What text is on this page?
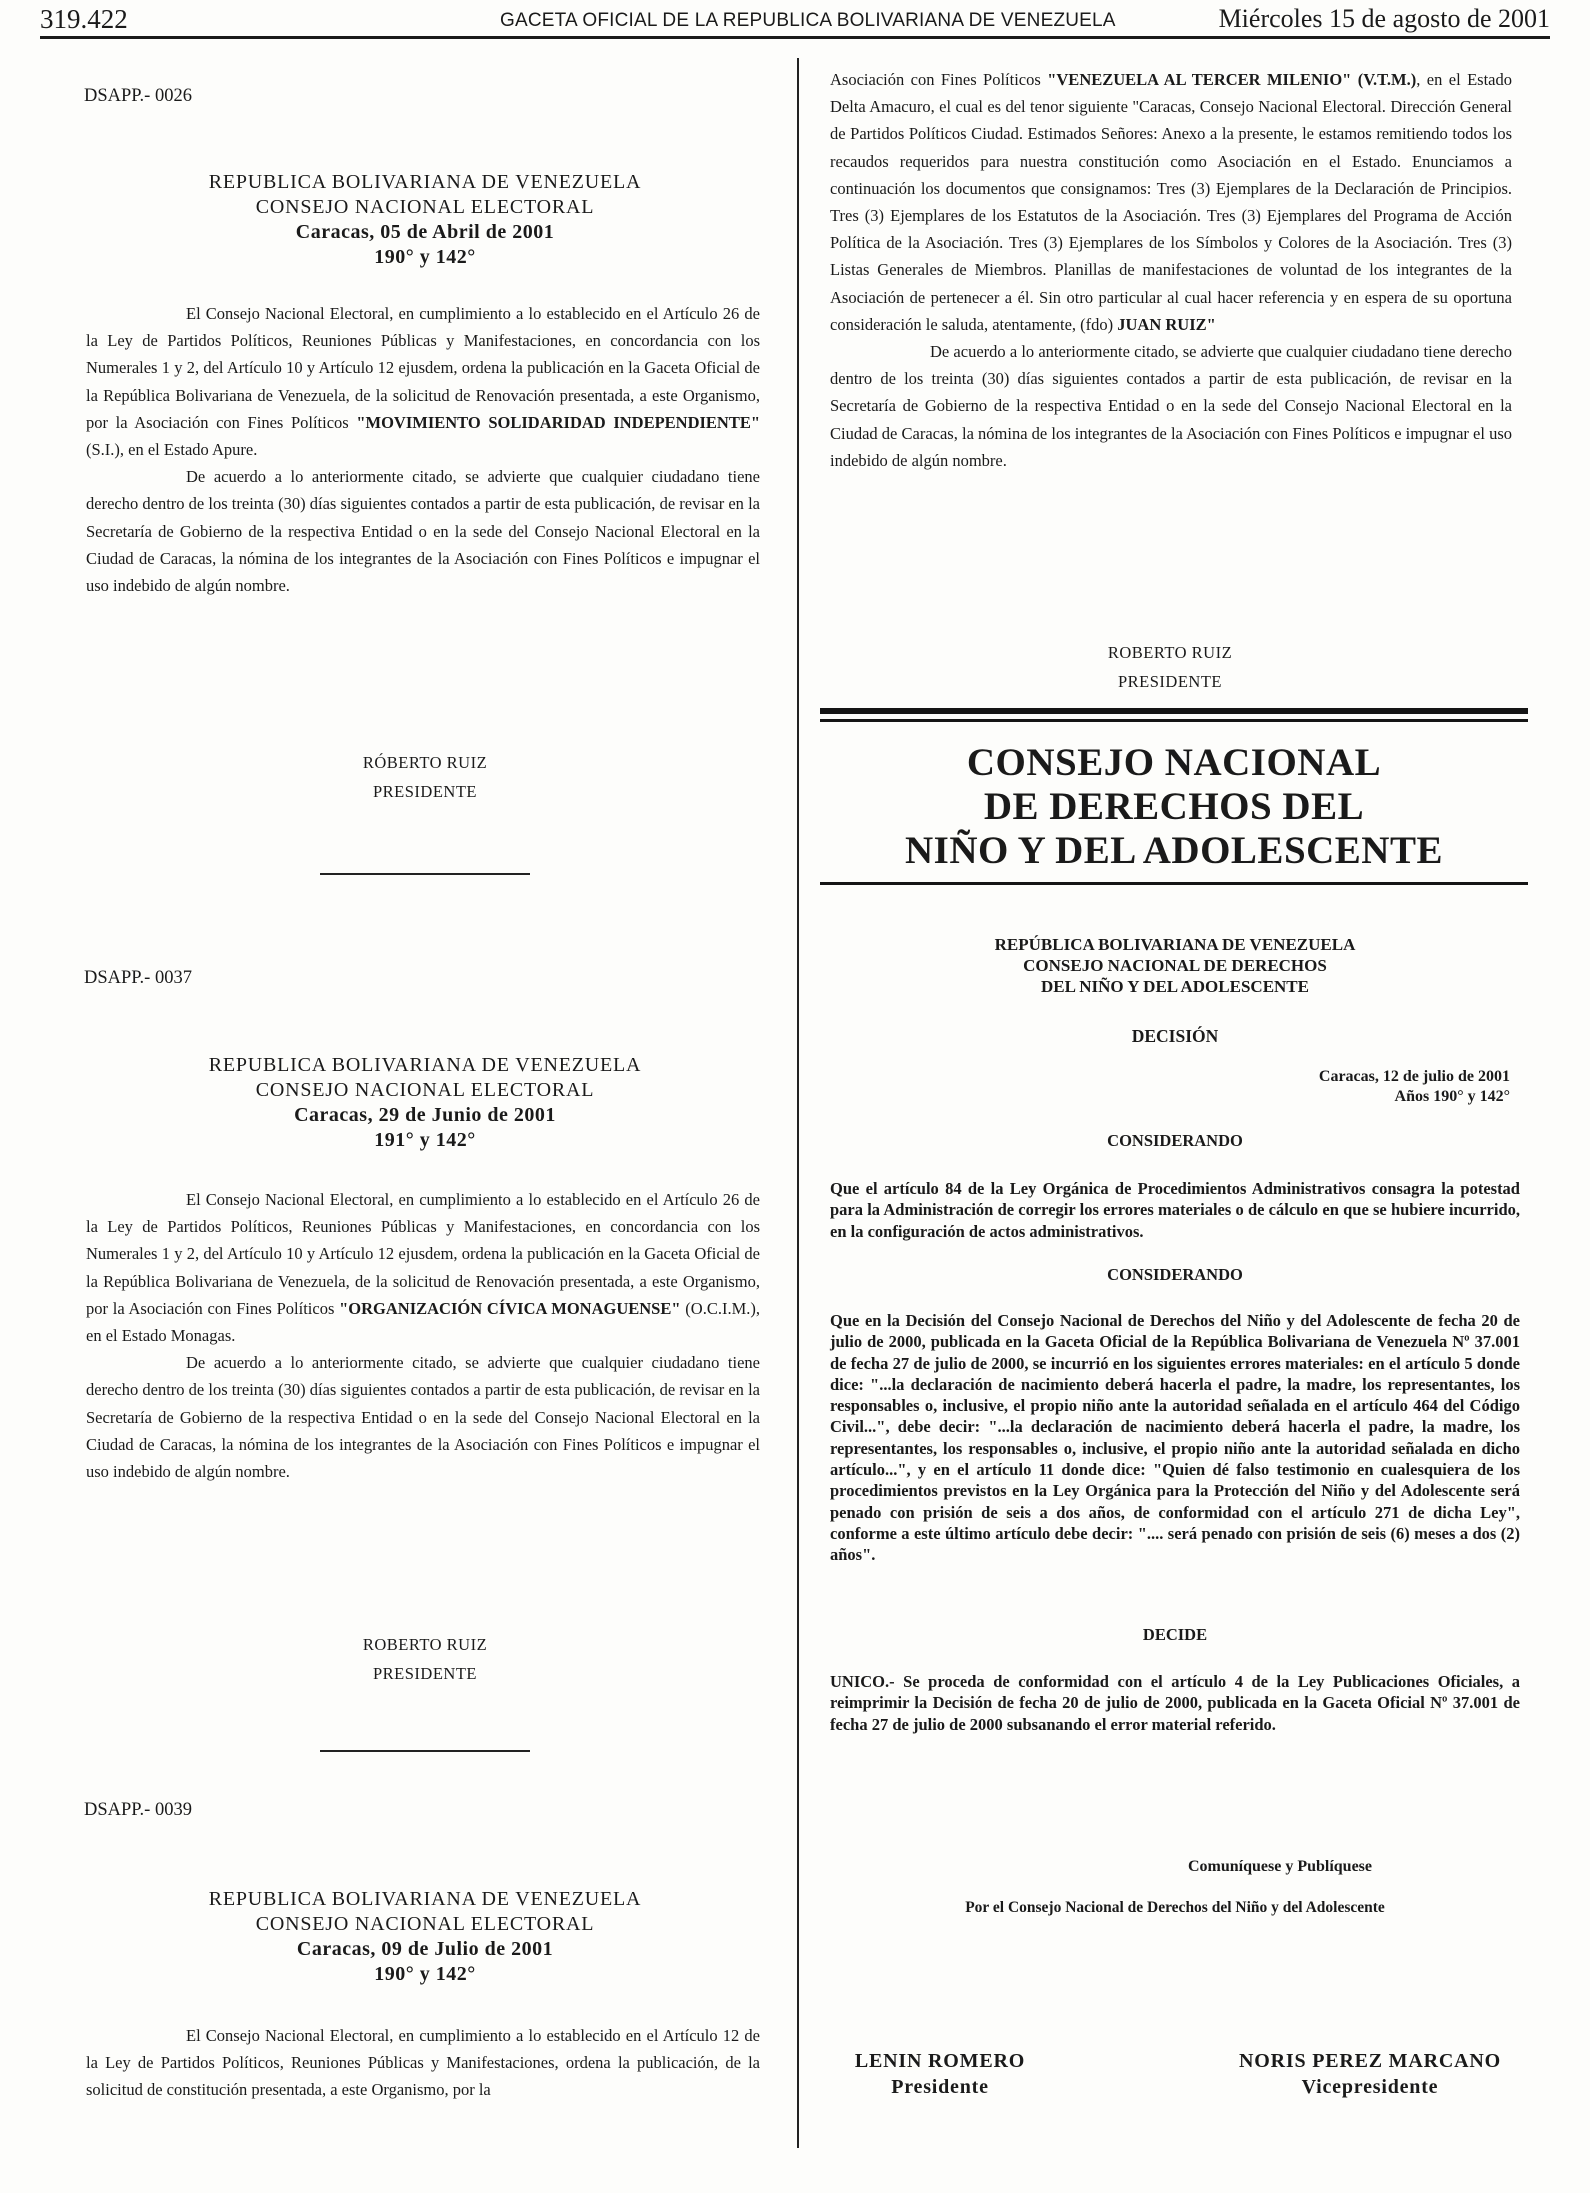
319.422	GACETA OFICIAL DE LA REPUBLICA BOLIVARIANA DE VENEZUELA	Miércoles 15 de agosto de 2001
DSAPP.- 0026
REPUBLICA BOLIVARIANA DE VENEZUELA
CONSEJO NACIONAL ELECTORAL
Caracas, 05 de Abril de 2001
190° y 142°

El Consejo Nacional Electoral, en cumplimiento a lo establecido en el Artículo 26 de la Ley de Partidos Políticos, Reuniones Públicas y Manifestaciones, en concordancia con los Numerales 1 y 2, del Artículo 10 y Artículo 12 ejusdem, ordena la publicación en la Gaceta Oficial de la República Bolivariana de Venezuela, de la solicitud de Renovación presentada, a este Organismo, por la Asociación con Fines Políticos "MOVIMIENTO SOLIDARIDAD INDEPENDIENTE" (S.I.), en el Estado Apure.

De acuerdo a lo anteriormente citado, se advierte que cualquier ciudadano tiene derecho dentro de los treinta (30) días siguientes contados a partir de esta publicación, de revisar en la Secretaría de Gobierno de la respectiva Entidad o en la sede del Consejo Nacional Electoral en la Ciudad de Caracas, la nómina de los integrantes de la Asociación con Fines Políticos e impugnar el uso indebido de algún nombre.

RÓBERTO RUIZ
PRESIDENTE
DSAPP.- 0037
REPUBLICA BOLIVARIANA DE VENEZUELA
CONSEJO NACIONAL ELECTORAL
Caracas, 29 de Junio de 2001
191° y 142°

El Consejo Nacional Electoral, en cumplimiento a lo establecido en el Artículo 26 de la Ley de Partidos Políticos, Reuniones Públicas y Manifestaciones, en concordancia con los Numerales 1 y 2, del Artículo 10 y Artículo 12 ejusdem, ordena la publicación en la Gaceta Oficial de la República Bolivariana de Venezuela, de la solicitud de Renovación presentada, a este Organismo, por la Asociación con Fines Políticos "ORGANIZACIÓN CÍVICA MONAGUENSE" (O.C.I.M.), en el Estado Monagas.

De acuerdo a lo anteriormente citado, se advierte que cualquier ciudadano tiene derecho dentro de los treinta (30) días siguientes contados a partir de esta publicación, de revisar en la Secretaría de Gobierno de la respectiva Entidad o en la sede del Consejo Nacional Electoral en la Ciudad de Caracas, la nómina de los integrantes de la Asociación con Fines Políticos e impugnar el uso indebido de algún nombre.

ROBERTO RUIZ
PRESIDENTE
DSAPP.- 0039
REPUBLICA BOLIVARIANA DE VENEZUELA
CONSEJO NACIONAL ELECTORAL
Caracas, 09 de Julio de 2001
190° y 142°

El Consejo Nacional Electoral, en cumplimiento a lo establecido en el Artículo 12 de la Ley de Partidos Políticos, Reuniones Públicas y Manifestaciones, ordena la publicación, de la solicitud de constitución presentada, a este Organismo, por la

Asociación con Fines Políticos "VENEZUELA AL TERCER MILENIO" (V.T.M.), en el Estado Delta Amacuro, el cual es del tenor siguiente "Caracas, Consejo Nacional Electoral. Dirección General de Partidos Políticos Ciudad. Estimados Señores: Anexo a la presente, le estamos remitiendo todos los recaudos requeridos para nuestra constitución como Asociación en el Estado. Enunciamos a continuación los documentos que consignamos: Tres (3) Ejemplares de la Declaración de Principios. Tres (3) Ejemplares de los Estatutos de la Asociación. Tres (3) Ejemplares del Programa de Acción Política de la Asociación. Tres (3) Ejemplares de los Símbolos y Colores de la Asociación. Tres (3) Listas Generales de Miembros. Planillas de manifestaciones de voluntad de los integrantes de la Asociación de pertenecer a él. Sin otro particular al cual hacer referencia y en espera de su oportuna consideración le saluda, atentamente, (fdo) JUAN RUIZ"

De acuerdo a lo anteriormente citado, se advierte que cualquier ciudadano tiene derecho dentro de los treinta (30) días siguientes contados a partir de esta publicación, de revisar en la Secretaría de Gobierno de la respectiva Entidad o en la sede del Consejo Nacional Electoral en la Ciudad de Caracas, la nómina de los integrantes de la Asociación con Fines Políticos e impugnar el uso indebido de algún nombre.

ROBERTO RUIZ
PRESIDENTE
CONSEJO NACIONAL
DE DERECHOS DEL
NIÑO Y DEL ADOLESCENTE
REPÚBLICA BOLIVARIANA DE VENEZUELA
CONSEJO NACIONAL DE DERECHOS
DEL NIÑO Y DEL ADOLESCENTE
DECISIÓN
Caracas, 12 de julio de 2001
Años 190° y 142°
CONSIDERANDO

Que el artículo 84 de la Ley Orgánica de Procedimientos Administrativos consagra la potestad para la Administración de corregir los errores materiales o de cálculo en que se hubiere incurrido, en la configuración de actos administrativos.

CONSIDERANDO

Que en la Decisión del Consejo Nacional de Derechos del Niño y del Adolescente de fecha 20 de julio de 2000, publicada en la Gaceta Oficial de la República Bolivariana de Venezuela Nº 37.001 de fecha 27 de julio de 2000, se incurrió en los siguientes errores materiales: en el artículo 5 donde dice: "...la declaración de nacimiento deberá hacerla el padre, la madre, los representantes, los responsables o, inclusive, el propio niño ante la autoridad señalada en el artículo 464 del Código Civil...", debe decir: "...la declaración de nacimiento deberá hacerla el padre, la madre, los representantes, los responsables o, inclusive, el propio niño ante la autoridad señalada en dicho artículo...", y en el artículo 11 donde dice: "Quien dé falso testimonio en cualesquiera de los procedimientos previstos en la Ley Orgánica para la Protección del Niño y del Adolescente será penado con prisión de seis a dos años, de conformidad con el artículo 271 de dicha Ley", conforme a este último artículo debe decir: ".... será penado con prisión de seis (6) meses a dos (2) años".

DECIDE

UNICO.- Se proceda de conformidad con el artículo 4 de la Ley Publicaciones Oficiales, a reimprimir la Decisión de fecha 20 de julio de 2000, publicada en la Gaceta Oficial Nº 37.001 de fecha 27 de julio de 2000 subsanando el error material referido.

Comuníquese y Publíquese
Por el Consejo Nacional de Derechos del Niño y del Adolescente
LENIN ROMERO
Presidente
NORIS PEREZ MARCANO
Vicepresidente
